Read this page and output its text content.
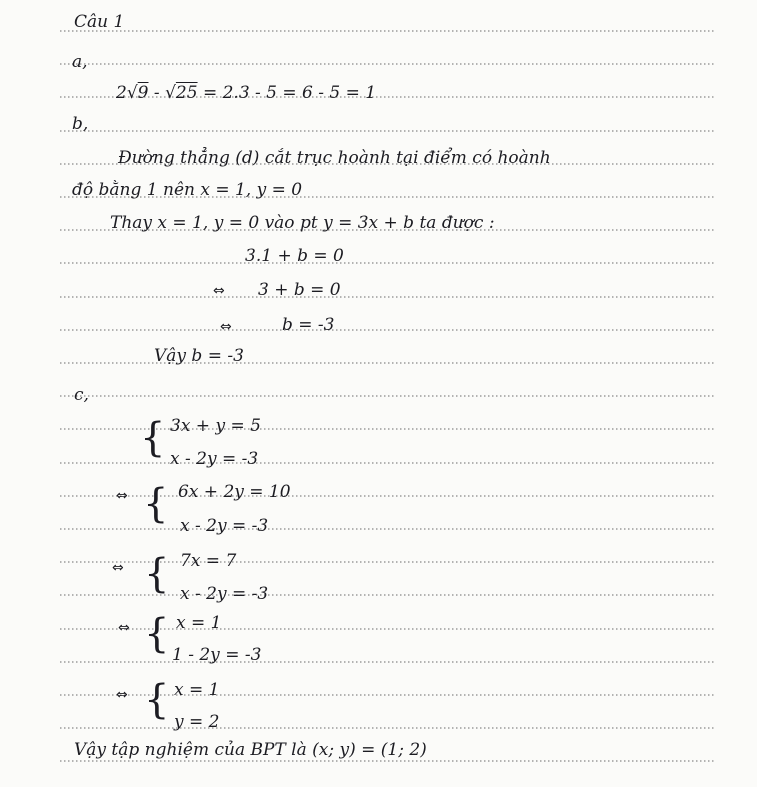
Câu 1
a,
2√9 - √25 = 2.3 - 5 = 6 - 5 = 1
b,
Đường thẳng (d) cắt trục hoành tại điểm có hoành
độ bằng 1 nên x = 1, y = 0
Thay x = 1, y = 0 vào pt y = 3x + b ta được :
3.1 + b = 0
⇔ 3 + b = 0
⇔	b = -3
Vậy b = -3
c,
{ 3x + y = 5
x - 2y = -3
⇔ { 6x + 2y = 10
x - 2y = -3
⇔ { 7x = 7
x - 2y = -3
⇔ { x = 1
1 - 2y = -3
⇔ { x = 1
y = 2
Vậy tập nghiệm của BPT là (x; y) = (1; 2)
